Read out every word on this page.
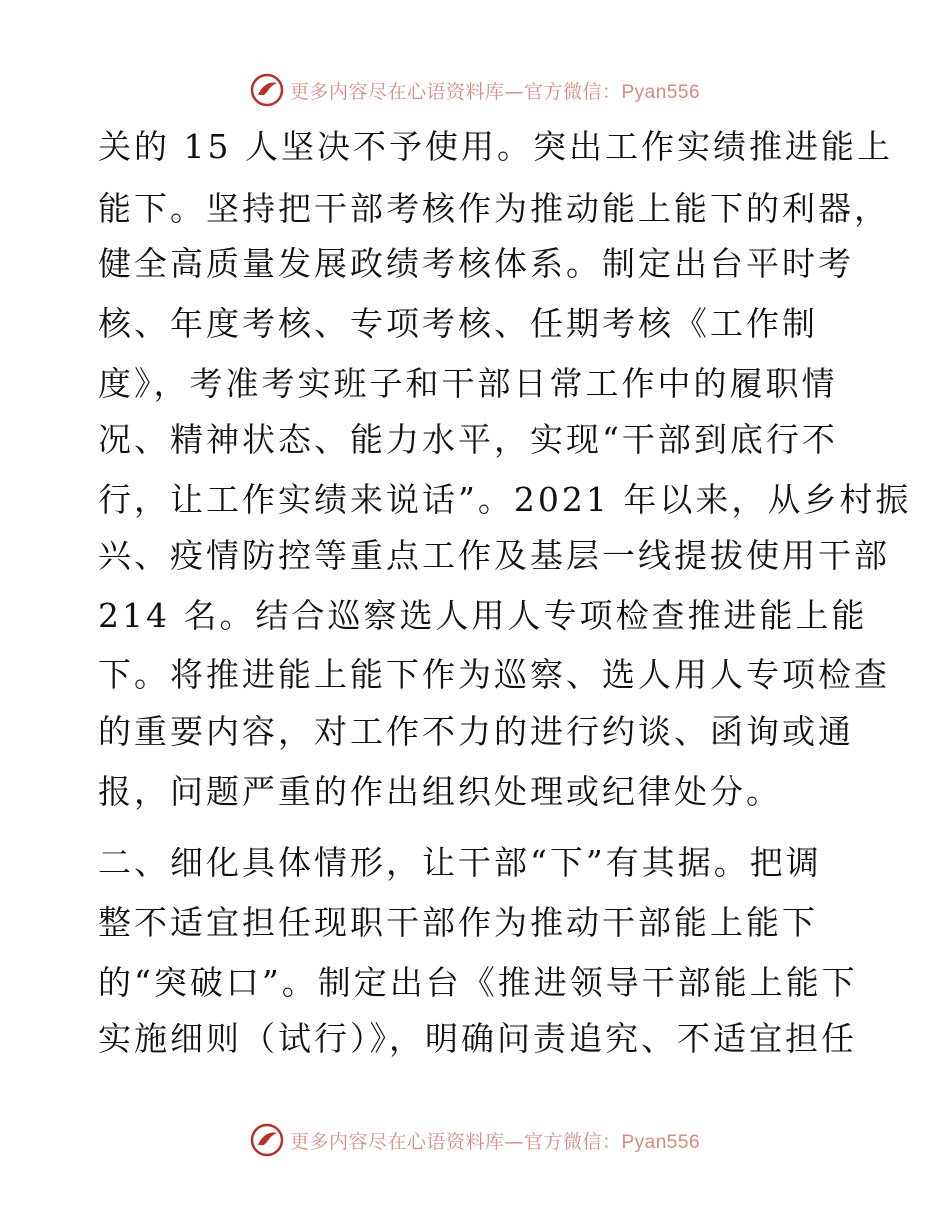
更多内容尽在心语资料库—官方微信：Pyan556
关的 15 人坚决不予使用。突出工作实绩推进能上
能下。坚持把干部考核作为推动能上能下的利器，
健全高质量发展政绩考核体系。制定出台平时考
核、年度考核、专项考核、任期考核《工作制
度》，考准考实班子和干部日常工作中的履职情
况、精神状态、能力水平，实现“干部到底行不
行，让工作实绩来说话”。2021 年以来，从乡村振
兴、疫情防控等重点工作及基层一线提拔使用干部
214 名。结合巡察选人用人专项检查推进能上能
下。将推进能上能下作为巡察、选人用人专项检查
的重要内容，对工作不力的进行约谈、函询或通
报，问题严重的作出组织处理或纪律处分。
二、细化具体情形，让干部“下”有其据。把调
整不适宜担任现职干部作为推动干部能上能下
的“突破口”。制定出台《推进领导干部能上能下
实施细则（试行）》，明确问责追究、不适宜担任
更多内容尽在心语资料库—官方微信：Pyan556
